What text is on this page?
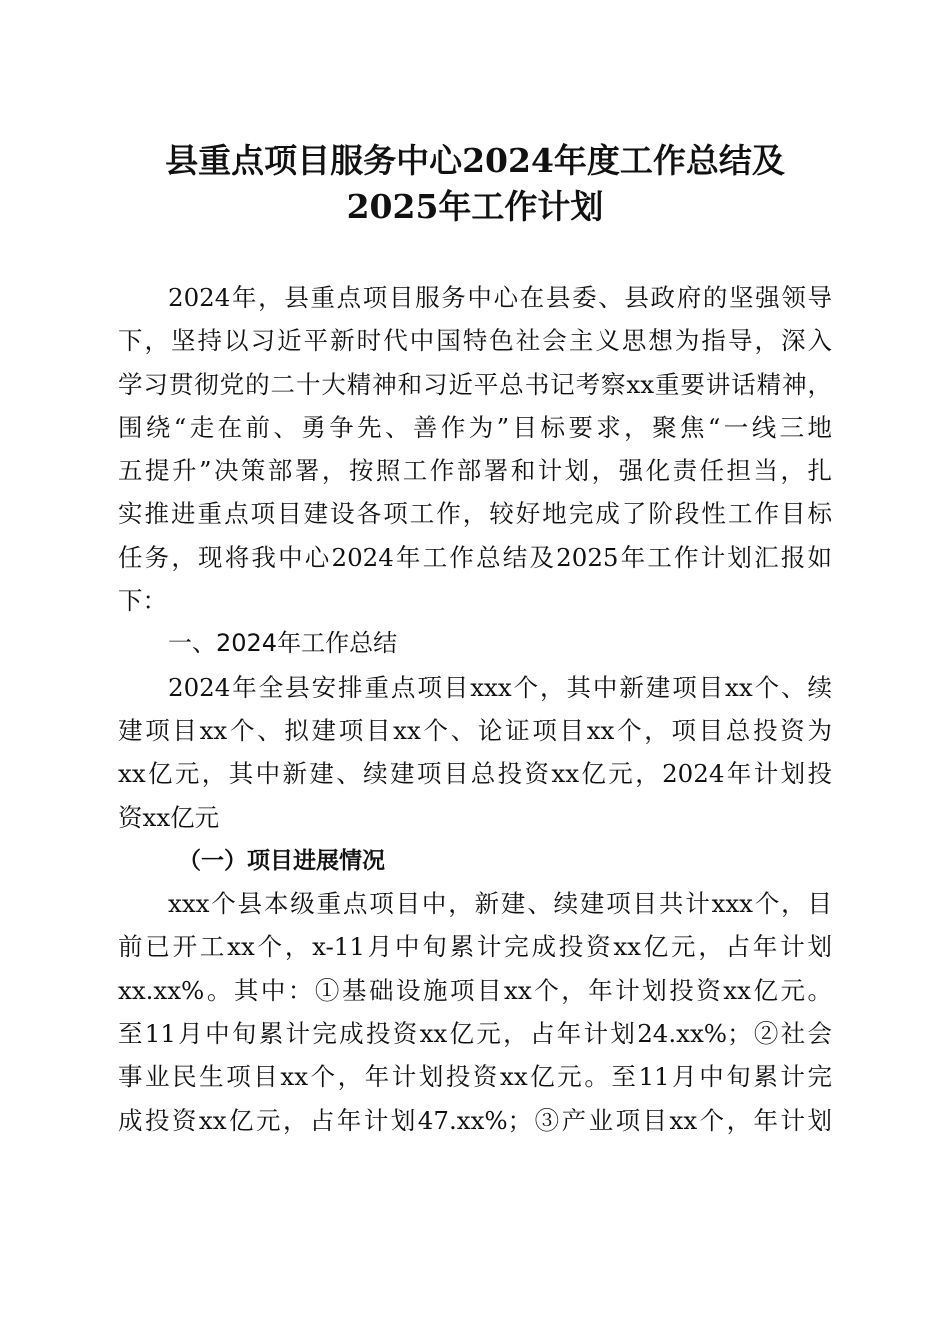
县重点项目服务中心2024年度工作总结及
2025年工作计划
2024年，县重点项目服务中心在县委、县政府的坚强领导
下，坚持以习近平新时代中国特色社会主义思想为指导，深入
学习贯彻党的二十大精神和习近平总书记考察xx重要讲话精神，
围绕“走在前、勇争先、善作为”目标要求，聚焦“一线三地
五提升”决策部署，按照工作部署和计划，强化责任担当，扎
实推进重点项目建设各项工作，较好地完成了阶段性工作目标
任务，现将我中心2024年工作总结及2025年工作计划汇报如
下：
一、2024年工作总结
2024年全县安排重点项目xxx个，其中新建项目xx个、续
建项目xx个、拟建项目xx个、论证项目xx个，项目总投资为
xx亿元，其中新建、续建项目总投资xx亿元，2024年计划投
资xx亿元
（一）项目进展情况
xxx个县本级重点项目中，新建、续建项目共计xxx个，目
前已开工xx个，x-11月中旬累计完成投资xx亿元，占年计划
xx.xx%。其中：①基础设施项目xx个，年计划投资xx亿元。
至11月中旬累计完成投资xx亿元，占年计划24.xx%；②社会
事业民生项目xx个，年计划投资xx亿元。至11月中旬累计完
成投资xx亿元，占年计划47.xx%；③产业项目xx个，年计划
